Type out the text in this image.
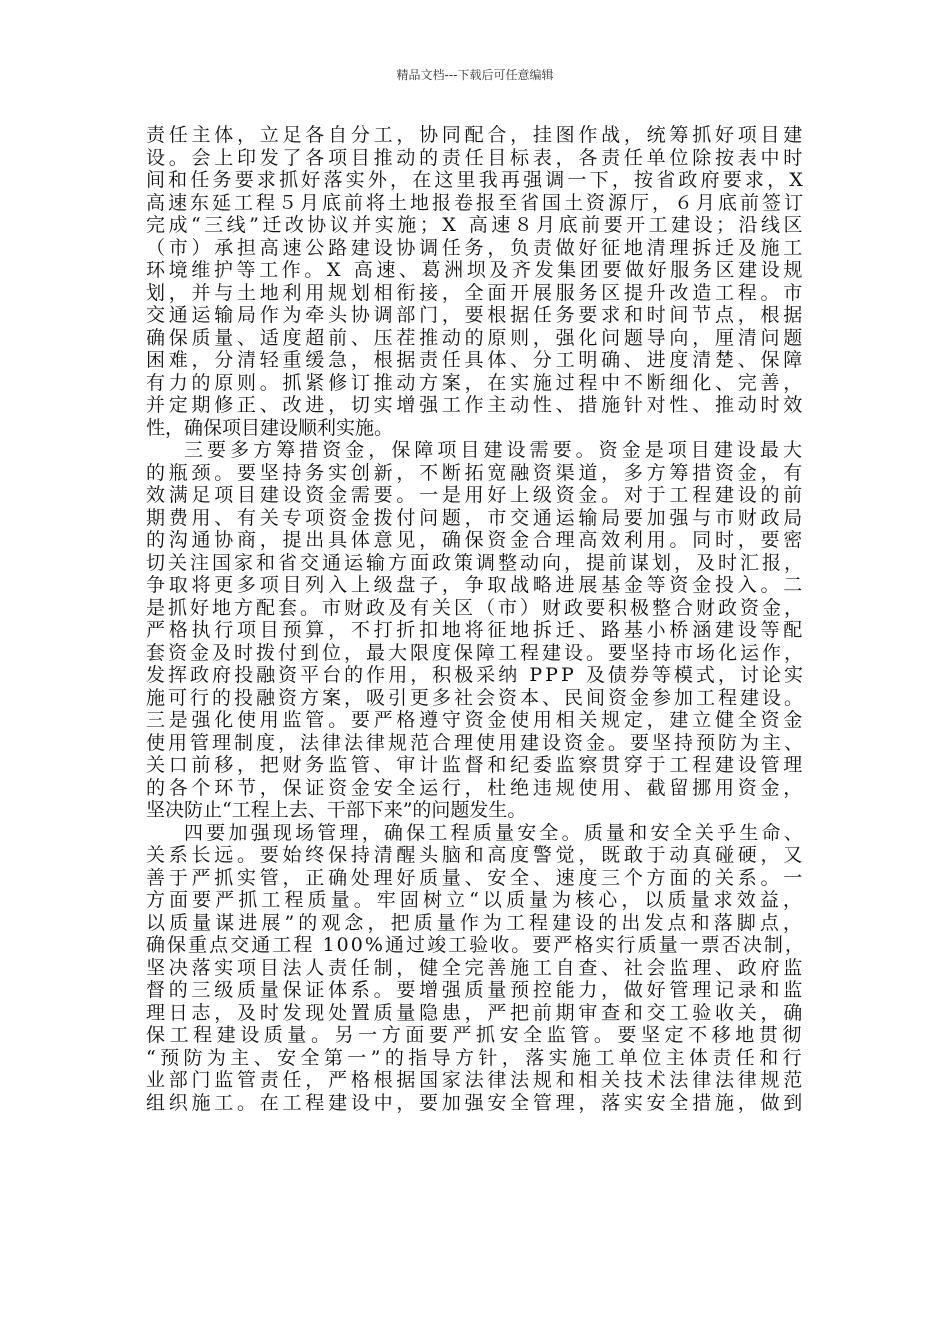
精品文档---下载后可任意编辑
责任主体，立足各自分工，协同配合，挂图作战，统筹抓好项目建
设。会上印发了各项目推动的责任目标表，各责任单位除按表中时
间和任务要求抓好落实外，在这里我再强调一下，按省政府要求，X
高速东延工程５月底前将土地报卷报至省国土资源厅，６月底前签订
完成“三线”迁改协议并实施；X 高速８月底前要开工建设；沿线区
（市）承担高速公路建设协调任务，负责做好征地清理拆迁及施工
环境维护等工作。X 高速、葛洲坝及齐发集团要做好服务区建设规
划，并与土地利用规划相衔接，全面开展服务区提升改造工程。市
交通运输局作为牵头协调部门，要根据任务要求和时间节点，根据
确保质量、适度超前、压茬推动的原则，强化问题导向，厘清问题
困难，分清轻重缓急，根据责任具体、分工明确、进度清楚、保障
有力的原则。抓紧修订推动方案，在实施过程中不断细化、完善，
并定期修正、改进，切实增强工作主动性、措施针对性、推动时效
性，确保项目建设顺利实施。
三要多方筹措资金，保障项目建设需要。资金是项目建设最大
的瓶颈。要坚持务实创新，不断拓宽融资渠道，多方筹措资金，有
效满足项目建设资金需要。一是用好上级资金。对于工程建设的前
期费用、有关专项资金拨付问题，市交通运输局要加强与市财政局
的沟通协商，提出具体意见，确保资金合理高效利用。同时，要密
切关注国家和省交通运输方面政策调整动向，提前谋划，及时汇报，
争取将更多项目列入上级盘子，争取战略进展基金等资金投入。二
是抓好地方配套。市财政及有关区（市）财政要积极整合财政资金，
严格执行项目预算，不打折扣地将征地拆迁、路基小桥涵建设等配
套资金及时拨付到位，最大限度保障工程建设。要坚持市场化运作，
发挥政府投融资平台的作用，积极采纳 PPP 及债券等模式，讨论实
施可行的投融资方案，吸引更多社会资本、民间资金参加工程建设。
三是强化使用监管。要严格遵守资金使用相关规定，建立健全资金
使用管理制度，法律法律规范合理使用建设资金。要坚持预防为主、
关口前移，把财务监管、审计监督和纪委监察贯穿于工程建设管理
的各个环节，保证资金安全运行，杜绝违规使用、截留挪用资金，
坚决防止“工程上去、干部下来”的问题发生。
四要加强现场管理，确保工程质量安全。质量和安全关乎生命、
关系长远。要始终保持清醒头脑和高度警觉，既敢于动真碰硬，又
善于严抓实管，正确处理好质量、安全、速度三个方面的关系。一
方面要严抓工程质量。牢固树立“以质量为核心，以质量求效益，
以质量谋进展”的观念，把质量作为工程建设的出发点和落脚点，
确保重点交通工程 100%通过竣工验收。要严格实行质量一票否决制，
坚决落实项目法人责任制，健全完善施工自查、社会监理、政府监
督的三级质量保证体系。要增强质量预控能力，做好管理记录和监
理日志，及时发现处置质量隐患，严把前期审查和交工验收关，确
保工程建设质量。另一方面要严抓安全监管。要坚定不移地贯彻
“预防为主、安全第一”的指导方针，落实施工单位主体责任和行
业部门监管责任，严格根据国家法律法规和相关技术法律法律规范
组织施工。在工程建设中，要加强安全管理，落实安全措施，做到
